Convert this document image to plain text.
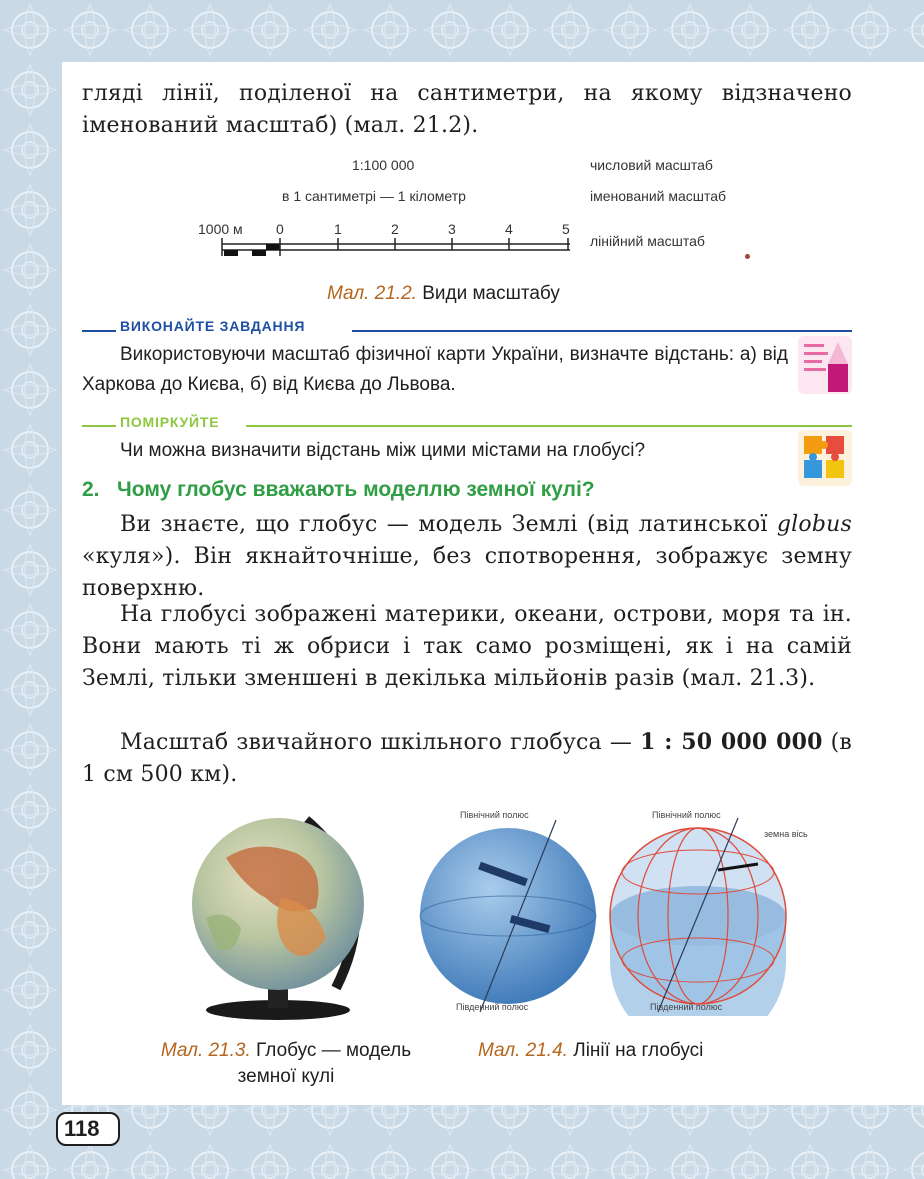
гляді лінії, поділеної на сантиметри, на якому відзначено іменований масштаб) (мал. 21.2).
1:100 000
в 1 сантиметрі — 1 кілометр
1000 м 0	1	2	3	4	5
числовий масштаб
іменований масштаб
лінійний масштаб
Мал. 21.2. Види масштабу
ВИКОНАЙТЕ ЗАВДАННЯ
Використовуючи масштаб фізичної карти України, визначте відстань: а) від Харкова до Києва, б) від Києва до Львова.
ПОМІРКУЙТЕ
Чи можна визначити відстань між цими містами на глобусі?
2. Чому глобус вважають моделлю земної кулі?
Ви знаєте, що глобус — модель Землі (від латинської globus «куля»). Він якнайточніше, без спотворення, зображує земну поверхню.
На глобусі зображені материки, океани, острови, моря та ін. Вони мають ті ж обриси і так само розміщені, як і на самій Землі, тільки зменшені в декілька мільйонів разів (мал. 21.3).
Масштаб звичайного шкільного глобуса — 1 : 50 000 000 (в 1 см 500 км).
Північний полюс
Південний полюс
Північний полюс
Південний полюс
земна вісь
Мал. 21.3. Глобус — модель
земної кулі
Мал. 21.4. Лінії на глобусі
118
